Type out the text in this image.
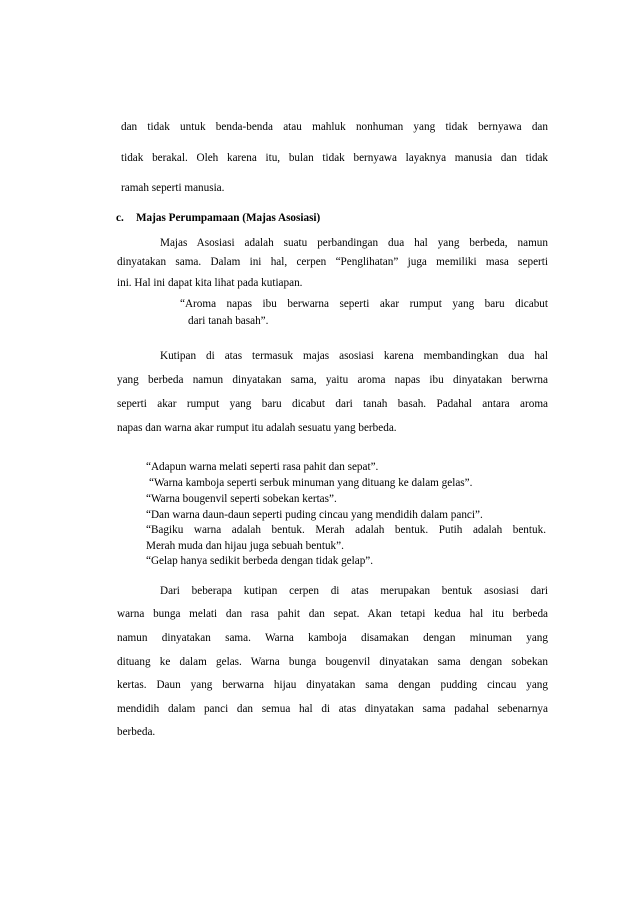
dan tidak untuk benda-benda atau mahluk nonhuman yang tidak bernyawa dan
tidak berakal. Oleh karena itu, bulan tidak bernyawa layaknya manusia dan tidak
ramah seperti manusia.
c. Majas Perumpamaan (Majas Asosiasi)
Majas Asosiasi adalah suatu perbandingan dua hal yang berbeda, namun
dinyatakan sama. Dalam ini hal, cerpen “Penglihatan” juga memiliki masa seperti
ini. Hal ini dapat kita lihat pada kutiapan.
“Aroma napas ibu berwarna seperti akar rumput yang baru dicabut
dari tanah basah”.
Kutipan di atas termasuk majas asosiasi karena membandingkan dua hal
yang berbeda namun dinyatakan sama, yaitu aroma napas ibu dinyatakan berwrna
seperti akar rumput yang baru dicabut dari tanah basah. Padahal antara aroma
napas dan warna akar rumput itu adalah sesuatu yang berbeda.
“Adapun warna melati seperti rasa pahit dan sepat”.
“Warna kamboja seperti serbuk minuman yang dituang ke dalam gelas”.
“Warna bougenvil seperti sobekan kertas”.
“Dan warna daun-daun seperti puding cincau yang mendidih dalam panci”.
“Bagiku warna adalah bentuk. Merah adalah bentuk. Putih adalah bentuk.
Merah muda dan hijau juga sebuah bentuk”.
“Gelap hanya sedikit berbeda dengan tidak gelap”.
Dari beberapa kutipan cerpen di atas merupakan bentuk asosiasi dari
warna bunga melati dan rasa pahit dan sepat. Akan tetapi kedua hal itu berbeda
namun dinyatakan sama. Warna kamboja disamakan dengan minuman yang
dituang ke dalam gelas. Warna bunga bougenvil dinyatakan sama dengan sobekan
kertas. Daun yang berwarna hijau dinyatakan sama dengan pudding cincau yang
mendidih dalam panci dan semua hal di atas dinyatakan sama padahal sebenarnya
berbeda.
